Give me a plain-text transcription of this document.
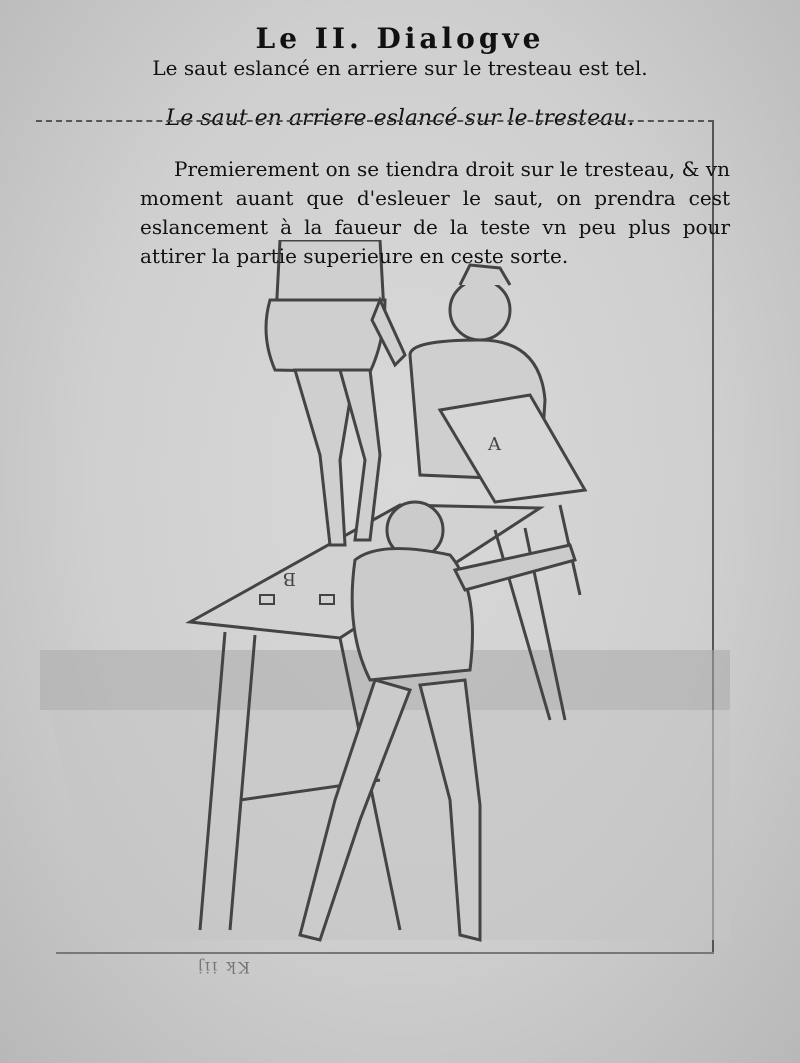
Le II. Dialogve
Le saut eslancé en arriere sur le tresteau est tel.
Le saut en arriere eslancé sur le tresteau.
A
B
Premierement on se tiendra droit sur le tresteau, & vn moment auant que d'esleuer le saut, on prendra cest eslancement à la faueur de la teste vn peu plus pour attirer la partie superieure en ceste sorte.
Kk iij
